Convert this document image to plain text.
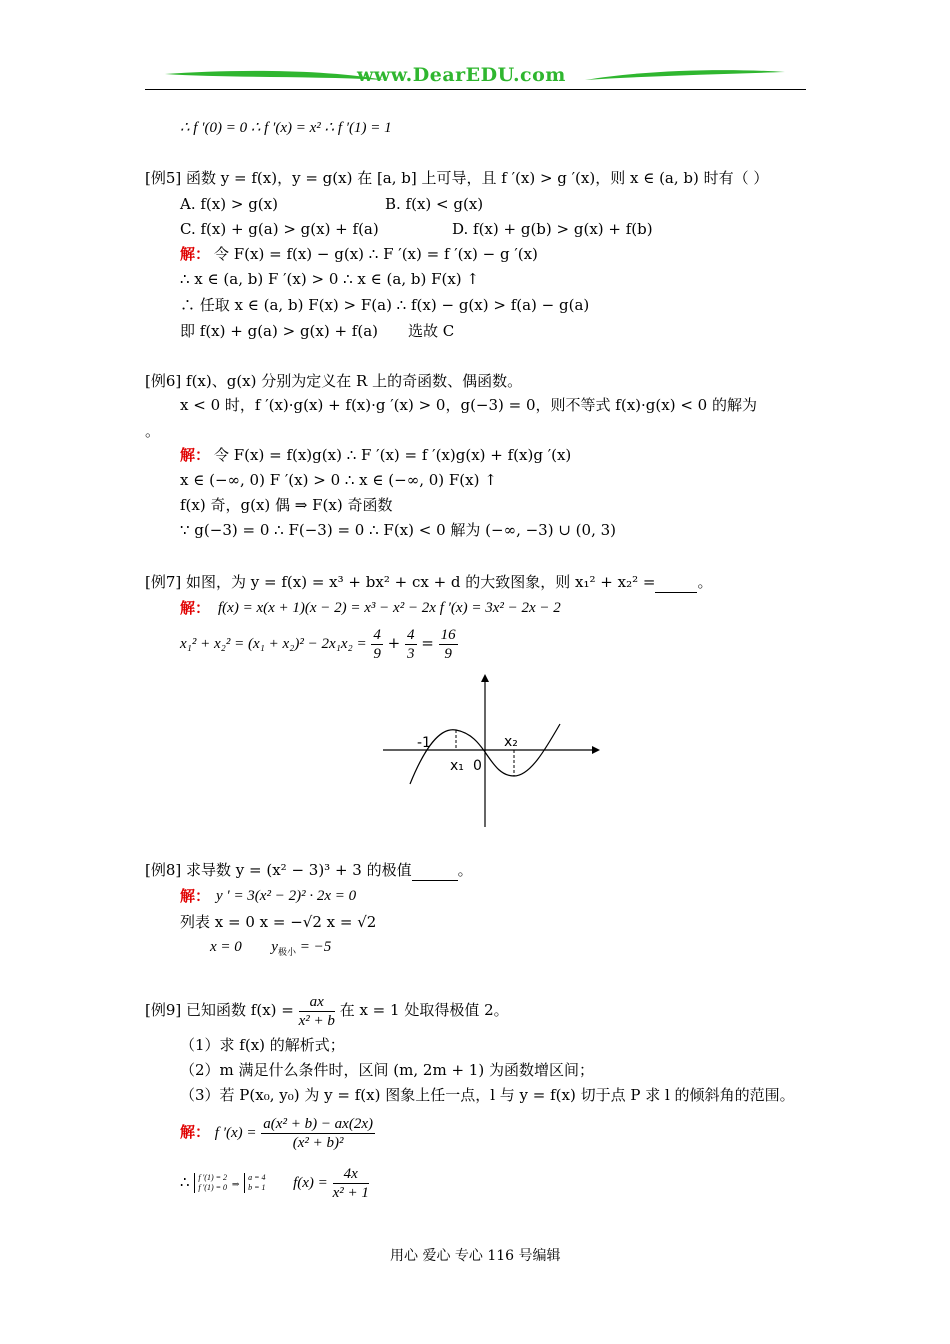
www.DearEDU.com
∴ f ′(0) = 0 ∴ f ′(x) = x² ∴ f ′(1) = 1
[例5] 函数 y = f(x)，y = g(x) 在 [a, b] 上可导，且 f ′(x) > g ′(x)，则 x ∈ (a, b) 时有（ ）
A. f(x) > g(x)	B. f(x) < g(x)
C. f(x) + g(a) > g(x) + f(a)	D. f(x) + g(b) > g(x) + f(b)
解： 令 F(x) = f(x) − g(x) ∴ F ′(x) = f ′(x) − g ′(x)
∴ x ∈ (a, b) F ′(x) > 0 ∴ x ∈ (a, b) F(x) ↑
∴ 任取 x ∈ (a, b) F(x) > F(a) ∴ f(x) − g(x) > f(a) − g(a)
即 f(x) + g(a) > g(x) + f(a) 选故 C
[例6] f(x)、g(x) 分别为定义在 R 上的奇函数、偶函数。
x < 0 时，f ′(x)·g(x) + f(x)·g ′(x) > 0，g(−3) = 0，则不等式 f(x)·g(x) < 0 的解为
。
解： 令 F(x) = f(x)g(x) ∴ F ′(x) = f ′(x)g(x) + f(x)g ′(x)
x ∈ (−∞, 0) F ′(x) > 0 ∴ x ∈ (−∞, 0) F(x) ↑
f(x) 奇，g(x) 偶 ⇒ F(x) 奇函数
∵ g(−3) = 0 ∴ F(−3) = 0 ∴ F(x) < 0 解为 (−∞, −3) ∪ (0, 3)
[例7] 如图，为 y = f(x) = x³ + bx² + cx + d 的大致图象，则 x₁² + x₂² =	。
解： f(x) = x(x + 1)(x − 2) = x³ − x² − 2x f ′(x) = 3x² − 2x − 2
$x_1^2 + x_2^2 = (x_1 + x_2)^2 - 2x_1x_2 = \frac{4}{9} + \frac{4}{3} = \frac{16}{9}$
-1
x₁ 0
x₂
[例8] 求导数 y = (x² − 3)³ + 3 的极值	。
解： y ′ = 3(x² − 2)² · 2x = 0
列表 x = 0 x = −√2 x = √2
x = 0 $y_{极小} = -5$
[例9] 已知函数 $f(x) = \frac{ax}{\text{x² + b}}$ 在 x = 1 处取得极值 2。
（1）求 f(x) 的解析式；
（2）m 满足什么条件时，区间 (m, 2m + 1) 为函数增区间；
（3）若 P(x₀, y₀) 为 y = f(x) 图象上任一点，l 与 y = f(x) 切于点 P 求 l 的倾斜角的范围。
解： f $'(x) = \frac{\text{a(x² + b) − ax(2x)}}{\text{(x² + b)²}}$
∴ f ′(1) = 2
f ′(1) = 0 ⇒
a = 4
b = 1 $f(x) = \frac{4x}{\text{x² + 1}}$
用心 爱心 专心 116 号编辑
